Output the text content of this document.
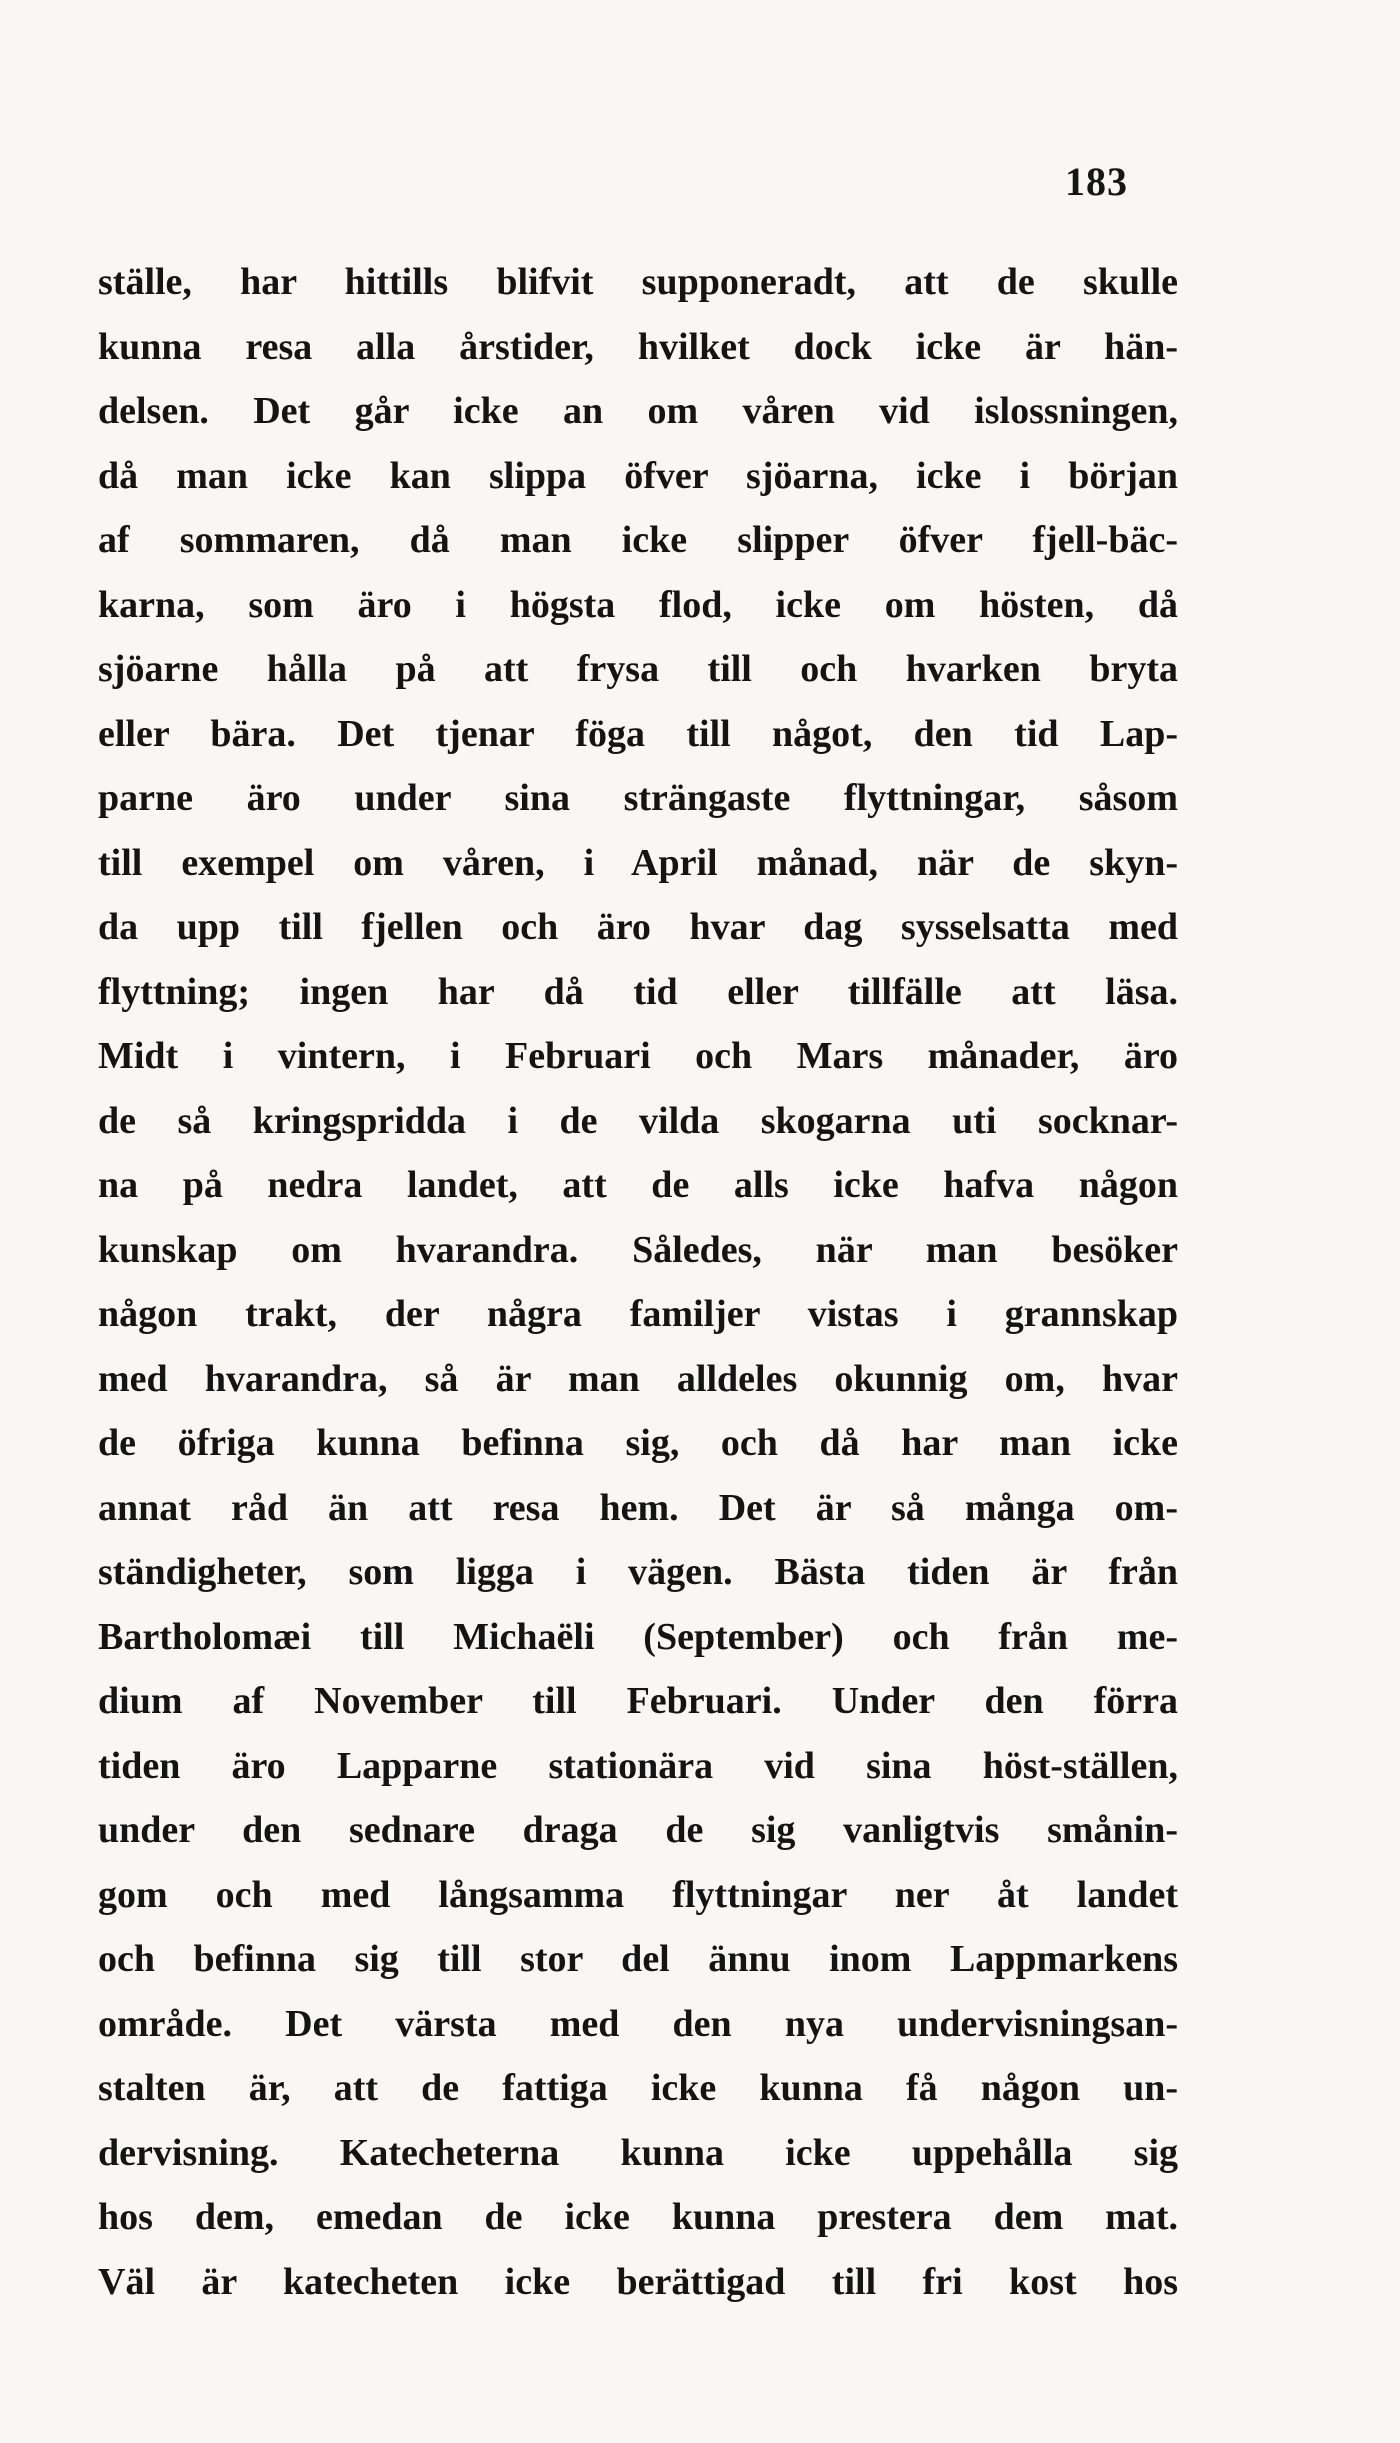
183
ställe, har hittills blifvit supponeradt, att de skulle
kunna resa alla årstider, hvilket dock icke är hän-
delsen. Det går icke an om våren vid islossningen,
då man icke kan slippa öfver sjöarna, icke i början
af sommaren, då man icke slipper öfver fjell-bäc-
karna, som äro i högsta flod, icke om hösten, då
sjöarne hålla på att frysa till och hvarken bryta
eller bära. Det tjenar föga till något, den tid Lap-
parne äro under sina strängaste flyttningar, såsom
till exempel om våren, i April månad, när de skyn-
da upp till fjellen och äro hvar dag sysselsatta med
flyttning; ingen har då tid eller tillfälle att läsa.
Midt i vintern, i Februari och Mars månader, äro
de så kringspridda i de vilda skogarna uti socknar-
na på nedra landet, att de alls icke hafva någon
kunskap om hvarandra. Således, när man besöker
någon trakt, der några familjer vistas i grannskap
med hvarandra, så är man alldeles okunnig om, hvar
de öfriga kunna befinna sig, och då har man icke
annat råd än att resa hem. Det är så många om-
ständigheter, som ligga i vägen. Bästa tiden är från
Bartholomæi till Michaëli (September) och från me-
dium af November till Februari. Under den förra
tiden äro Lapparne stationära vid sina höst-ställen,
under den sednare draga de sig vanligtvis smånin-
gom och med långsamma flyttningar ner åt landet
och befinna sig till stor del ännu inom Lappmarkens
område. Det värsta med den nya undervisningsan-
stalten är, att de fattiga icke kunna få någon un-
dervisning. Katecheterna kunna icke uppehålla sig
hos dem, emedan de icke kunna prestera dem mat.
Väl är katecheten icke berättigad till fri kost hos
